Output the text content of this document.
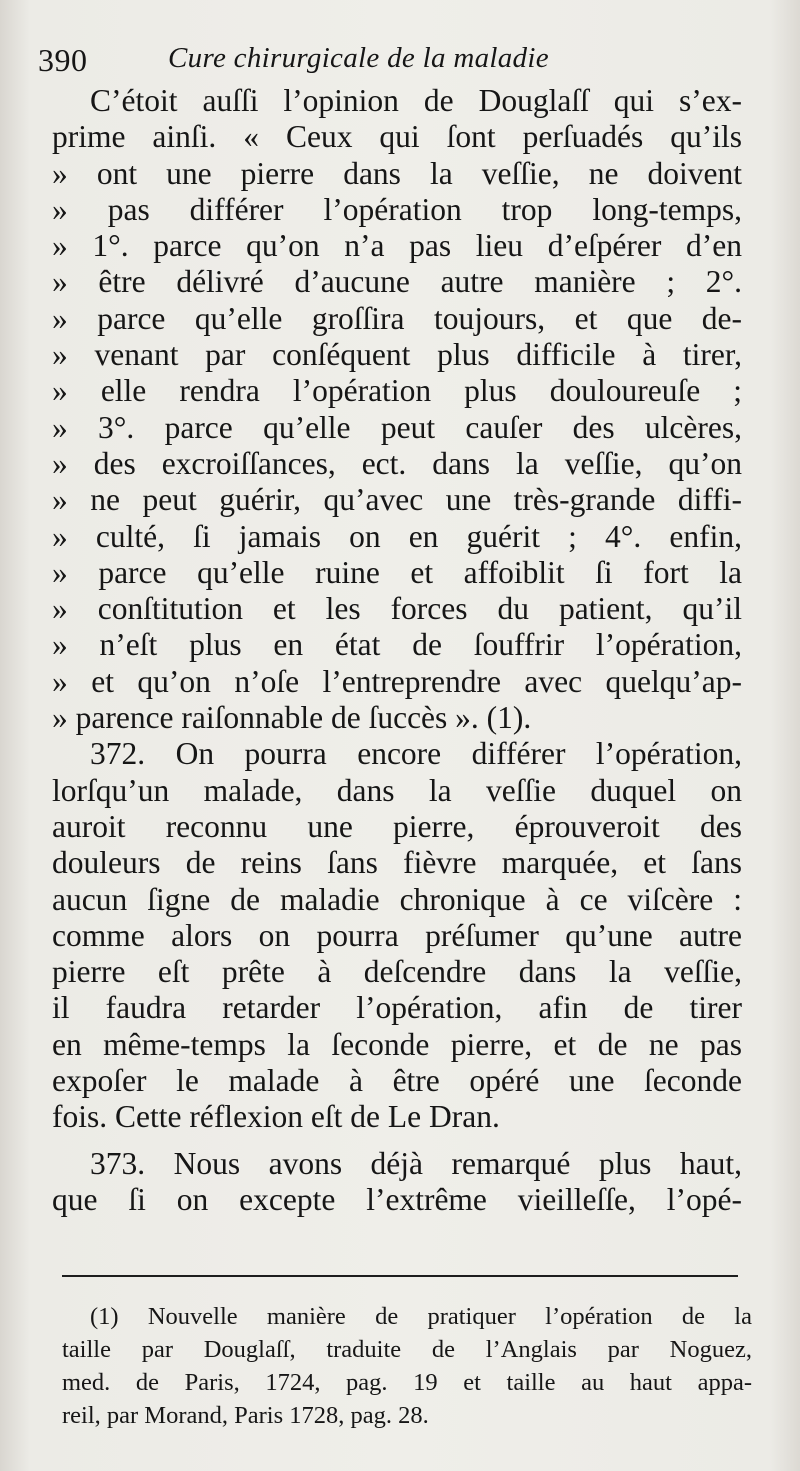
390	Cure chirurgicale de la maladie
C’étoit auſſi l’opinion de Douglaſſ qui s’ex-
prime ainſi. « Ceux qui ſont perſuadés qu’ils
» ont une pierre dans la veſſie, ne doivent
» pas différer l’opération trop long-temps,
» 1°. parce qu’on n’a pas lieu d’eſpérer d’en
» être délivré d’aucune autre manière ; 2°.
» parce qu’elle groſſira toujours, et que de-
» venant par conſéquent plus difficile à tirer,
» elle rendra l’opération plus douloureuſe ;
» 3°. parce qu’elle peut cauſer des ulcères,
» des excroiſſances, ect. dans la veſſie, qu’on
» ne peut guérir, qu’avec une très-grande diffi-
» culté, ſi jamais on en guérit ; 4°. enfin,
» parce qu’elle ruine et affoiblit ſi fort la
» conſtitution et les forces du patient, qu’il
» n’eſt plus en état de ſouffrir l’opération,
» et qu’on n’oſe l’entreprendre avec quelqu’ap-
» parence raiſonnable de ſuccès ». (1).
372. On pourra encore différer l’opération,
lorſqu’un malade, dans la veſſie duquel on
auroit reconnu une pierre, éprouveroit des
douleurs de reins ſans fièvre marquée, et ſans
aucun ſigne de maladie chronique à ce viſcère :
comme alors on pourra préſumer qu’une autre
pierre eſt prête à deſcendre dans la veſſie,
il faudra retarder l’opération, afin de tirer
en même-temps la ſeconde pierre, et de ne pas
expoſer le malade à être opéré une ſeconde
fois. Cette réflexion eſt de Le Dran.
373. Nous avons déjà remarqué plus haut,
que ſi on excepte l’extrême vieilleſſe, l’opé-
(1) Nouvelle manière de pratiquer l’opération de la
taille par Douglaſſ, traduite de l’Anglais par Noguez,
med. de Paris, 1724, pag. 19 et taille au haut appa-
reil, par Morand, Paris 1728, pag. 28.
